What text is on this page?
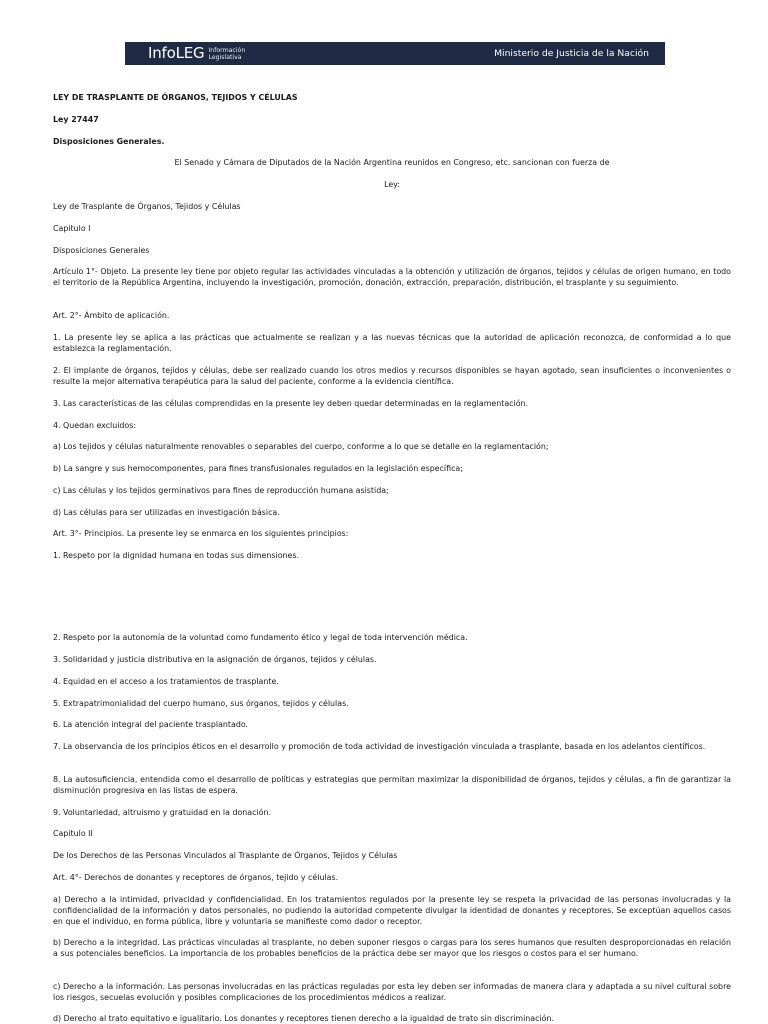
InfoLEG Información
Legislativa	Ministerio de Justicia de la Nación

LEY DE TRASPLANTE DE ÓRGANOS, TEJIDOS Y CÉLULAS

Ley 27447

Disposiciones Generales.

El Senado y Cámara de Diputados de la Nación Argentina reunidos en Congreso, etc. sancionan con fuerza de

Ley:

Ley de Trasplante de Órganos, Tejidos y Células

Capitulo I

Disposiciones Generales

Artículo 1°- Objeto. La presente ley tiene por objeto regular las actividades vinculadas a la obtención y utilización de órganos, tejidos y células de origen humano, en todo el territorio de la República Argentina, incluyendo la investigación, promoción, donación, extracción, preparación, distribución, el trasplante y su seguimiento.

Art. 2°- Ámbito de aplicación.

1. La presente ley se aplica a las prácticas que actualmente se realizan y a las nuevas técnicas que la autoridad de aplicación reconozca, de conformidad a lo que establezca la reglamentación.

2. El implante de órganos, tejidos y células, debe ser realizado cuando los otros medios y recursos disponibles se hayan agotado, sean insuficientes o inconvenientes o resulte la mejor alternativa terapéutica para la salud del paciente, conforme a la evidencia científica.

3. Las características de las células comprendidas en la presente ley deben quedar determinadas en la reglamentación.

4. Quedan excluidos:

a) Los tejidos y células naturalmente renovables o separables del cuerpo, conforme a lo que se detalle en la reglamentación;

b) La sangre y sus hemocomponentes, para fines transfusionales regulados en la legislación específica;

c) Las células y los tejidos germinativos para fines de reproducción humana asistida;

d) Las células para ser utilizadas en investigación básica.

Art. 3°- Principios. La presente ley se enmarca en los siguientes principios:

1. Respeto por la dignidad humana en todas sus dimensiones.

2. Respeto por la autonomía de la voluntad como fundamento ético y legal de toda intervención médica.

3. Solidaridad y justicia distributiva en la asignación de órganos, tejidos y células.

4. Equidad en el acceso a los tratamientos de trasplante.

5. Extrapatrimonialidad del cuerpo humano, sus órganos, tejidos y células.

6. La atención integral del paciente trasplantado.

7. La observancia de los principios éticos en el desarrollo y promoción de toda actividad de investigación vinculada a trasplante, basada en los adelantos científicos.

8. La autosuficiencia, entendida como el desarrollo de políticas y estrategias que permitan maximizar la disponibilidad de órganos, tejidos y células, a fin de garantizar la disminución progresiva en las listas de espera.

9. Voluntariedad, altruismo y gratuidad en la donación.

Capitulo II

De los Derechos de las Personas Vinculados al Trasplante de Órganos, Tejidos y Células

Art. 4°- Derechos de donantes y receptores de órganos, tejido y células.

a) Derecho a la intimidad, privacidad y confidencialidad. En los tratamientos regulados por la presente ley se respeta la privacidad de las personas involucradas y la confidencialidad de la información y datos personales, no pudiendo la autoridad competente divulgar la identidad de donantes y receptores. Se exceptúan aquellos casos en que el individuo, en forma pública, libre y voluntaria se manifieste como dador o receptor.

b) Derecho a la integridad. Las prácticas vinculadas al trasplante, no deben suponer riesgos o cargas para los seres humanos que resulten desproporcionadas en relación a sus potenciales beneficios. La importancia de los probables beneficios de la práctica debe ser mayor que los riesgos o costos para el ser humano.

c) Derecho a la información. Las personas involucradas en las prácticas reguladas por esta ley deben ser informadas de manera clara y adaptada a su nivel cultural sobre los riesgos, secuelas evolución y posibles complicaciones de los procedimientos médicos a realizar.

d) Derecho al trato equitativo e igualitario. Los donantes y receptores tienen derecho a la igualdad de trato sin discriminación.
